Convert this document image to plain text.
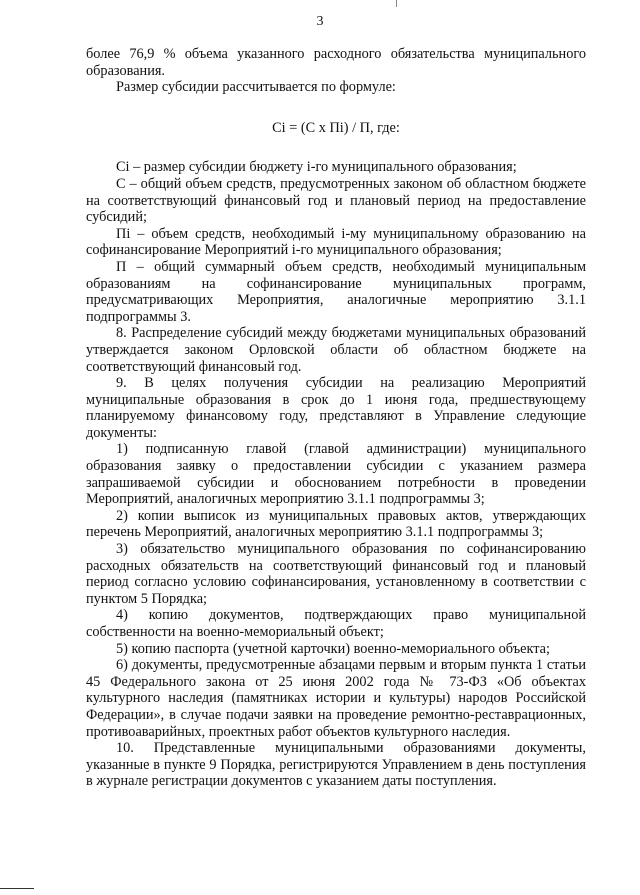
3

более 76,9 % объема указанного расходного обязательства муниципального образования.

Размер субсидии рассчитывается по формуле:

Ci = (C x Пi) / П, где:

Ci – размер субсидии бюджету i-го муниципального образования;

С – общий объем средств, предусмотренных законом об областном бюджете на соответствующий финансовый год и плановый период на предоставление субсидий;

Пi – объем средств, необходимый i-му муниципальному образованию на софинансирование Мероприятий i-го муниципального образования;

П – общий суммарный объем средств, необходимый муниципальным образованиям на софинансирование муниципальных программ, предусматривающих Мероприятия, аналогичные мероприятию 3.1.1 подпрограммы 3.

8. Распределение субсидий между бюджетами муниципальных образований утверждается законом Орловской области об областном бюджете на соответствующий финансовый год.

9. В целях получения субсидии на реализацию Мероприятий муниципальные образования в срок до 1 июня года, предшествующему планируемому финансовому году, представляют в Управление следующие документы:

1) подписанную главой (главой администрации) муниципального образования заявку о предоставлении субсидии с указанием размера запрашиваемой субсидии и обоснованием потребности в проведении Мероприятий, аналогичных мероприятию 3.1.1 подпрограммы 3;

2) копии выписок из муниципальных правовых актов, утверждающих перечень Мероприятий, аналогичных мероприятию 3.1.1 подпрограммы 3;

3) обязательство муниципального образования по софинансированию расходных обязательств на соответствующий финансовый год и плановый период согласно условию софинансирования, установленному в соответствии с пунктом 5 Порядка;

4) копию документов, подтверждающих право муниципальной собственности на военно-мемориальный объект;

5) копию паспорта (учетной карточки) военно-мемориального объекта;

6) документы, предусмотренные абзацами первым и вторым пункта 1 статьи 45 Федерального закона от 25 июня 2002 года № 73-ФЗ «Об объектах культурного наследия (памятниках истории и культуры) народов Российской Федерации», в случае подачи заявки на проведение ремонтно-реставрационных, противоаварийных, проектных работ объектов культурного наследия.

10. Представленные муниципальными образованиями документы, указанные в пункте 9 Порядка, регистрируются Управлением в день поступления в журнале регистрации документов с указанием даты поступления.
